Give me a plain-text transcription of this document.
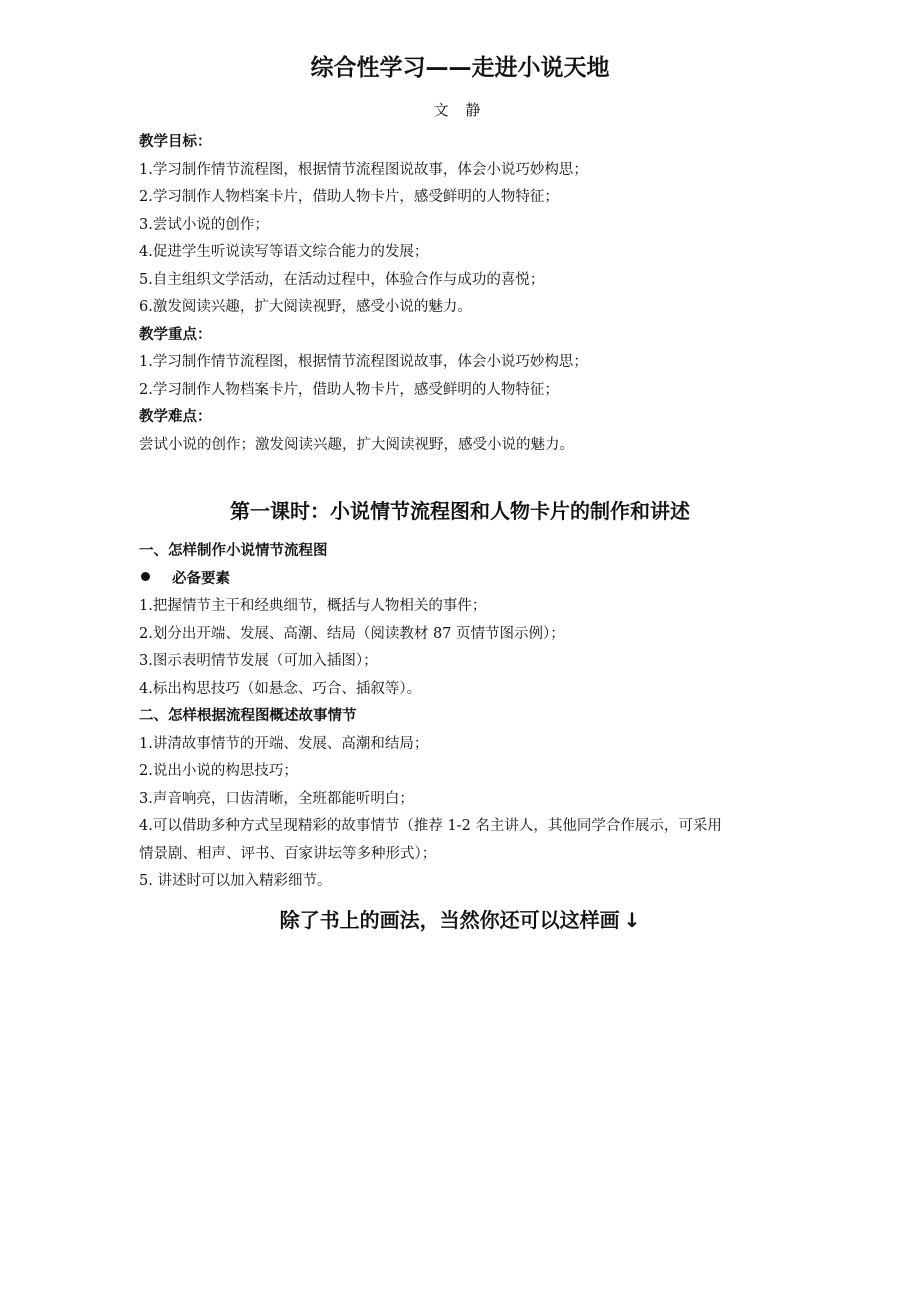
综合性学习——走进小说天地
文 静
教学目标：
1.学习制作情节流程图，根据情节流程图说故事，体会小说巧妙构思；
2.学习制作人物档案卡片，借助人物卡片，感受鲜明的人物特征；
3.尝试小说的创作；
4.促进学生听说读写等语文综合能力的发展；
5.自主组织文学活动，在活动过程中，体验合作与成功的喜悦；
6.激发阅读兴趣，扩大阅读视野，感受小说的魅力。
教学重点：
1.学习制作情节流程图，根据情节流程图说故事，体会小说巧妙构思；
2.学习制作人物档案卡片，借助人物卡片，感受鲜明的人物特征；
教学难点：
尝试小说的创作；激发阅读兴趣，扩大阅读视野，感受小说的魅力。
第一课时：小说情节流程图和人物卡片的制作和讲述
一、怎样制作小说情节流程图
必备要素
1.把握情节主干和经典细节，概括与人物相关的事件；
2.划分出开端、发展、高潮、结局（阅读教材 87 页情节图示例）；
3.图示表明情节发展（可加入插图）；
4.标出构思技巧（如悬念、巧合、插叙等）。
二、怎样根据流程图概述故事情节
1.讲清故事情节的开端、发展、高潮和结局；
2.说出小说的构思技巧；
3.声音响亮，口齿清晰，全班都能听明白；
4.可以借助多种方式呈现精彩的故事情节（推荐 1-2 名主讲人，其他同学合作展示，可采用
情景剧、相声、评书、百家讲坛等多种形式）；
5. 讲述时可以加入精彩细节。
除了书上的画法，当然你还可以这样画 ↓
